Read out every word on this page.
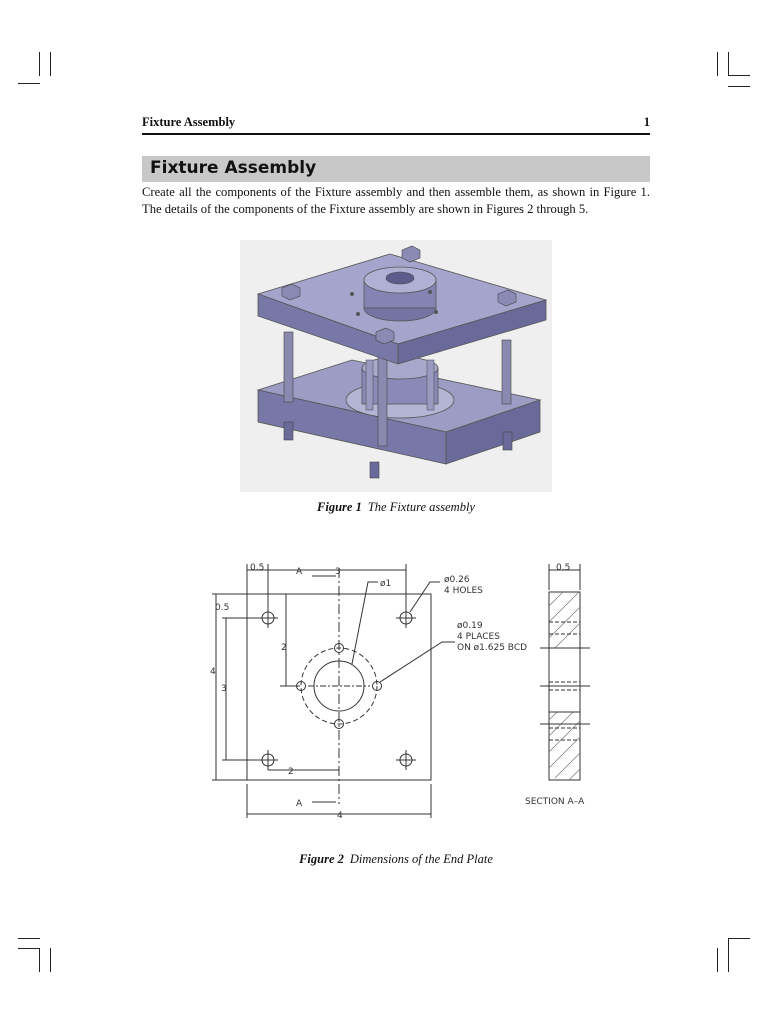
Fixture Assembly	1
Fixture Assembly
Create all the components of the Fixture assembly and then assemble them, as shown in Figure 1. The details of the components of the Fixture assembly are shown in Figures 2 through 5.
Figure 1 The Fixture assembly
0.5	A	3
0.5
4
3
2
2
A
4
0.5
ø1	ø0.26
4 HOLES
ø0.19
4 PLACES
ON ø1.625 BCD
SECTION A–A
Figure 2 Dimensions of the End Plate
